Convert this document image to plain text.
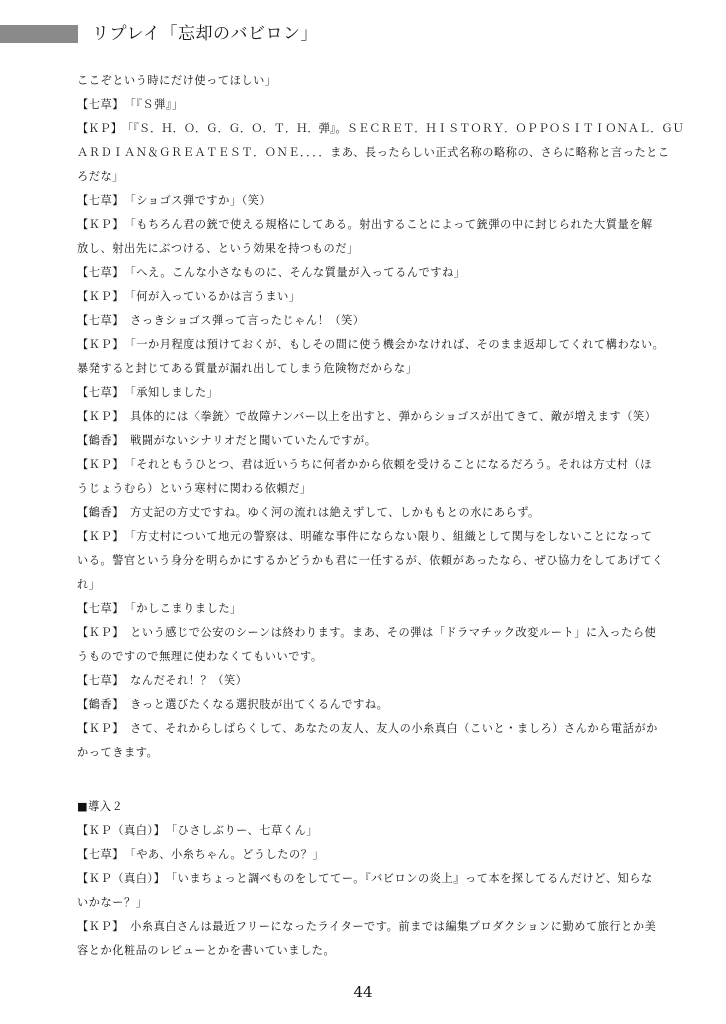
リプレイ「忘却のバビロン」
ここぞという時にだけ使ってほしい」
【七草】　「『Ｓ弾』」
【ＫＰ】　「『Ｓ．Ｈ．Ｏ．Ｇ．Ｇ．Ｏ．Ｔ．Ｈ．弾』。ＳＥＣＲＥＴ．ＨＩＳＴＯＲＹ．ＯＰＰＯＳＩＴＩＯＮＡＬ．ＧＵ
ＡＲＤＩＡＮ＆ＧＲＥＡＴＥＳＴ．ＯＮＥ．．．．まあ、長ったらしい正式名称の略称の、さらに略称と言ったとこ
ろだな」
【七草】　「ショゴス弾ですか」（笑）
【ＫＰ】　「もちろん君の銃で使える規格にしてある。射出することによって銃弾の中に封じられた大質量を解
放し、射出先にぶつける、という効果を持つものだ」
【七草】　「へえ。こんな小さなものに、そんな質量が入ってるんですね」
【ＫＰ】　「何が入っているかは言うまい」
【七草】　さっきショゴス弾って言ったじゃん！（笑）
【ＫＰ】　「一か月程度は預けておくが、もしその間に使う機会かなければ、そのまま返却してくれて構わない。
暴発すると封じてある質量が漏れ出してしまう危険物だからな」
【七草】　「承知しました」
【ＫＰ】　具体的には〈拳銃〉で故障ナンバー以上を出すと、弾からショゴスが出てきて、敵が増えます（笑）
【鶴香】　戦闘がないシナリオだと聞いていたんですが。
【ＫＰ】　「それともうひとつ、君は近いうちに何者かから依頼を受けることになるだろう。それは方丈村（ほ
うじょうむら）という寒村に関わる依頼だ」
【鶴香】　方丈記の方丈ですね。ゆく河の流れは絶えずして、しかももとの水にあらず。
【ＫＰ】　「方丈村について地元の警察は、明確な事件にならない限り、組織として関与をしないことになって
いる。警官という身分を明らかにするかどうかも君に一任するが、依頼があったなら、ぜひ協力をしてあげてく
れ」
【七草】　「かしこまりました」
【ＫＰ】　という感じで公安のシーンは終わります。まあ、その弾は「ドラマチック改変ルート」に入ったら使
うものですので無理に使わなくてもいいです。
【七草】　なんだそれ！？（笑）
【鶴香】　きっと選びたくなる選択肢が出てくるんですね。
【ＫＰ】　さて、それからしばらくして、あなたの友人、友人の小糸真白（こいと・ましろ）さんから電話がか
かってきます。
■導入２
【ＫＰ（真白）】　「ひさしぶりー、七草くん」
【七草】　「やあ、小糸ちゃん。どうしたの？」
【ＫＰ（真白）】　「いまちょっと調べものをしててー。『バビロンの炎上』って本を探してるんだけど、知らな
いかなー？」
【ＫＰ】　小糸真白さんは最近フリーになったライターです。前までは編集プロダクションに勤めて旅行とか美
容とか化粧品のレビューとかを書いていました。
44
